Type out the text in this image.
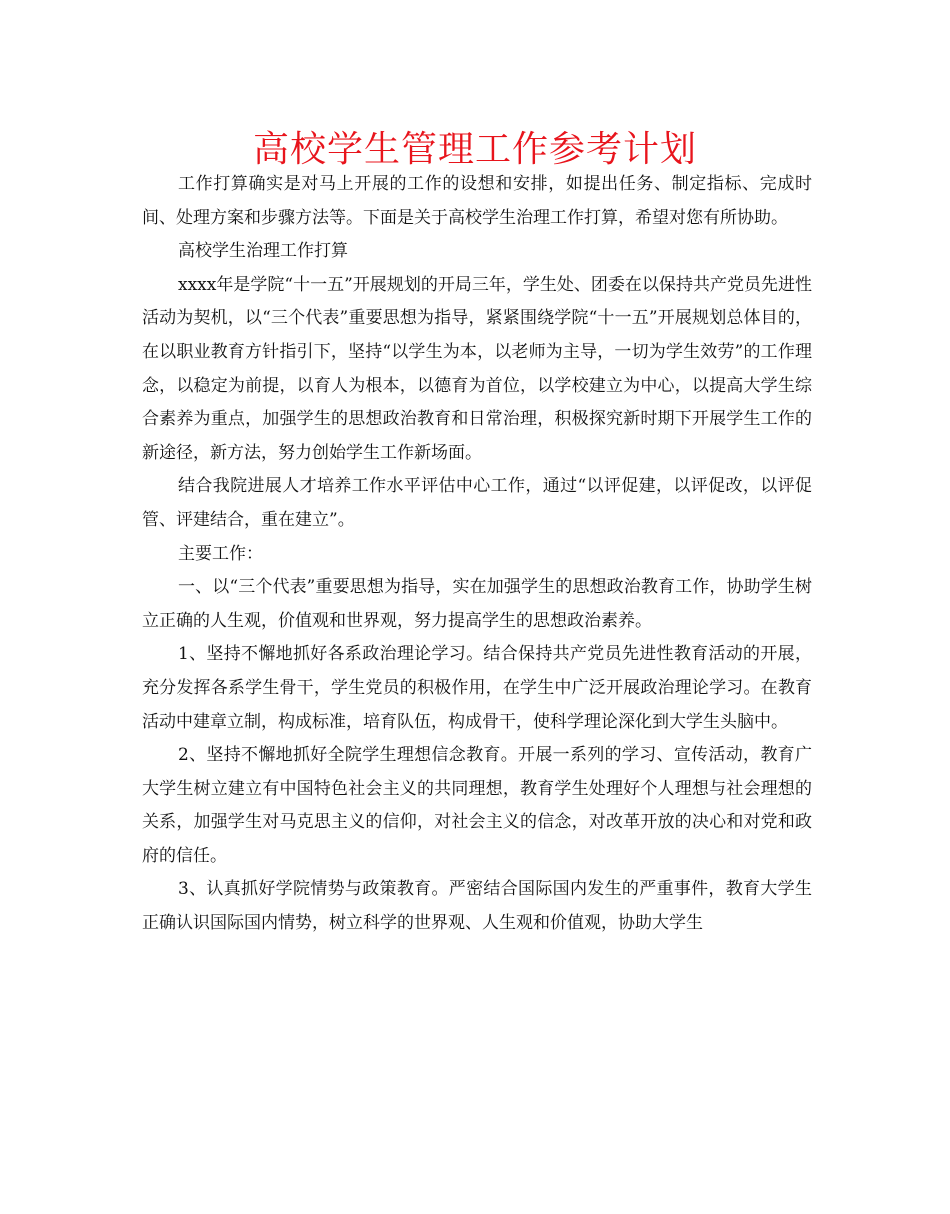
高校学生管理工作参考计划

工作打算确实是对马上开展的工作的设想和安排，如提出任务、制定指标、完成时间、处理方案和步骤方法等。下面是关于高校学生治理工作打算，希望对您有所协助。

高校学生治理工作打算

xxxx年是学院“十一五”开展规划的开局三年，学生处、团委在以保持共产党员先进性活动为契机，以“三个代表”重要思想为指导，紧紧围绕学院“十一五”开展规划总体目的，在以职业教育方针指引下，坚持“以学生为本，以老师为主导，一切为学生效劳”的工作理念，以稳定为前提，以育人为根本，以德育为首位，以学校建立为中心，以提高大学生综合素养为重点，加强学生的思想政治教育和日常治理，积极探究新时期下开展学生工作的新途径，新方法，努力创始学生工作新场面。

结合我院进展人才培养工作水平评估中心工作，通过“以评促建，以评促改，以评促管、评建结合，重在建立”。

主要工作：

一、以“三个代表”重要思想为指导，实在加强学生的思想政治教育工作，协助学生树立正确的人生观，价值观和世界观，努力提高学生的思想政治素养。

1、坚持不懈地抓好各系政治理论学习。结合保持共产党员先进性教育活动的开展，充分发挥各系学生骨干，学生党员的积极作用，在学生中广泛开展政治理论学习。在教育活动中建章立制，构成标准，培育队伍，构成骨干，使科学理论深化到大学生头脑中。

2、坚持不懈地抓好全院学生理想信念教育。开展一系列的学习、宣传活动，教育广大学生树立建立有中国特色社会主义的共同理想，教育学生处理好个人理想与社会理想的关系，加强学生对马克思主义的信仰，对社会主义的信念，对改革开放的决心和对党和政府的信任。

3、认真抓好学院情势与政策教育。严密结合国际国内发生的严重事件，教育大学生正确认识国际国内情势，树立科学的世界观、人生观和价值观，协助大学生
